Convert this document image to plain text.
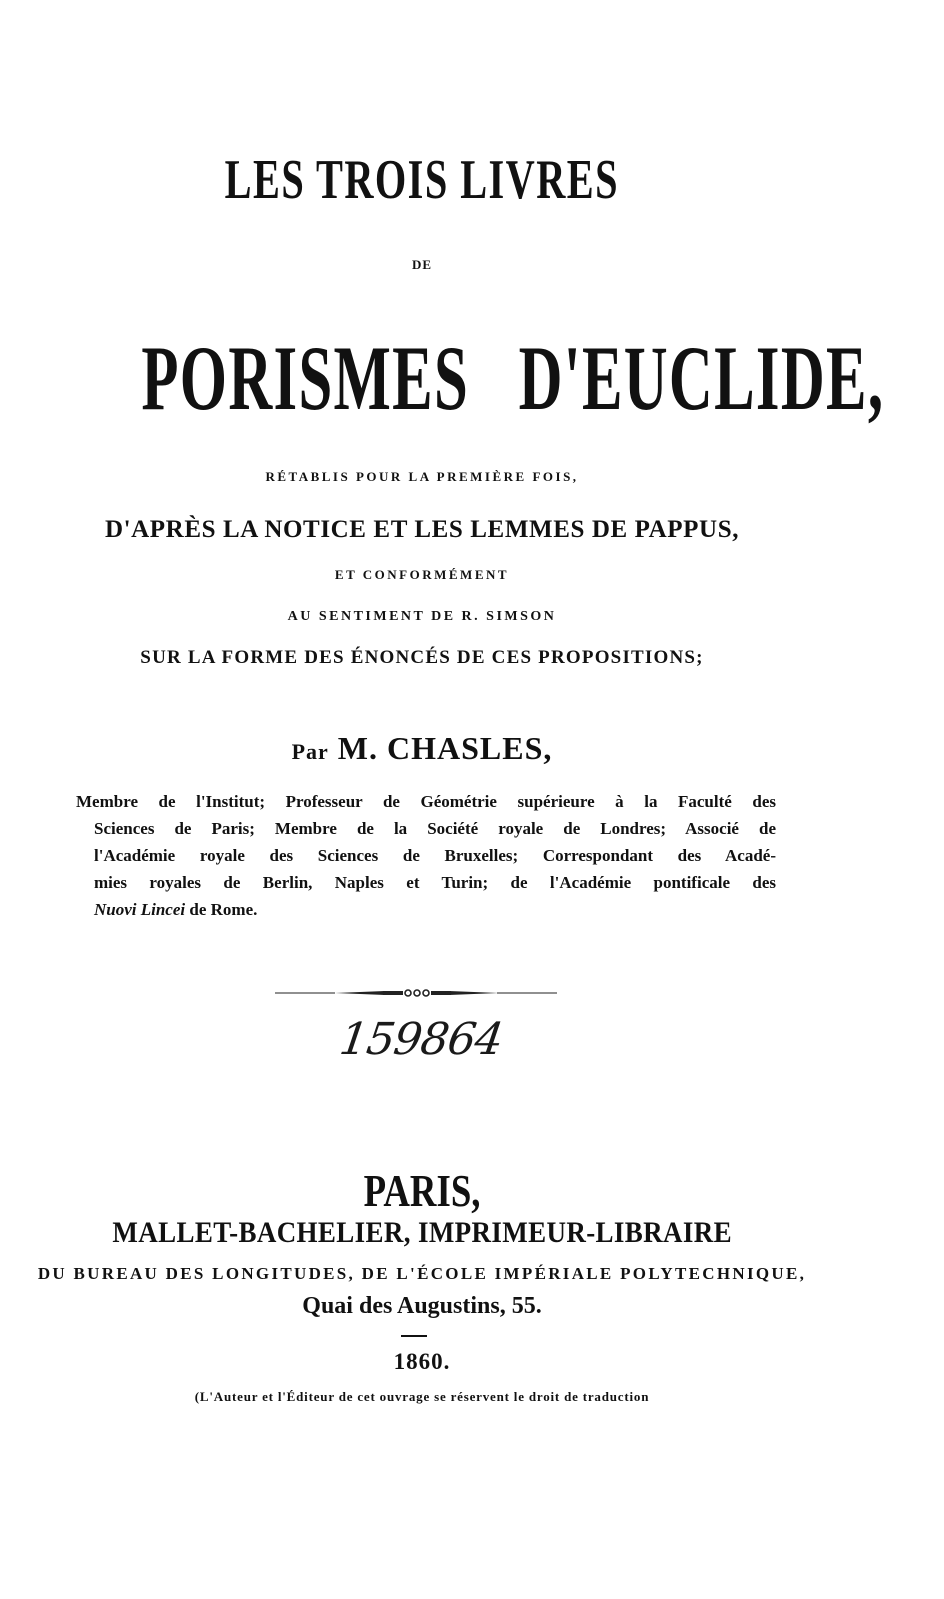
LES TROIS LIVRES
DE
PORISMES   D'EUCLIDE,
RÉTABLIS POUR LA PREMIÈRE FOIS,
D'APRÈS LA NOTICE ET LES LEMMES DE PAPPUS,
ET CONFORMÉMENT
AU SENTIMENT DE R. SIMSON
SUR LA FORME DES ÉNONCÉS DE CES PROPOSITIONS;
Par M. CHASLES,
Membre de l'Institut; Professeur de Géométrie supérieure à la Faculté des
Sciences de Paris; Membre de la Société royale de Londres; Associé de
l'Académie royale des Sciences de Bruxelles; Correspondant des Acadé-
mies royales de Berlin, Naples et Turin; de l'Académie pontificale des
Nuovi Lincei de Rome.
159864
PARIS,
MALLET-BACHELIER, IMPRIMEUR-LIBRAIRE
DU BUREAU DES LONGITUDES, DE L'ÉCOLE IMPÉRIALE POLYTECHNIQUE,
Quai des Augustins, 55.
1860.
(L'Auteur et l'Éditeur de cet ouvrage se réservent le droit de traduction
